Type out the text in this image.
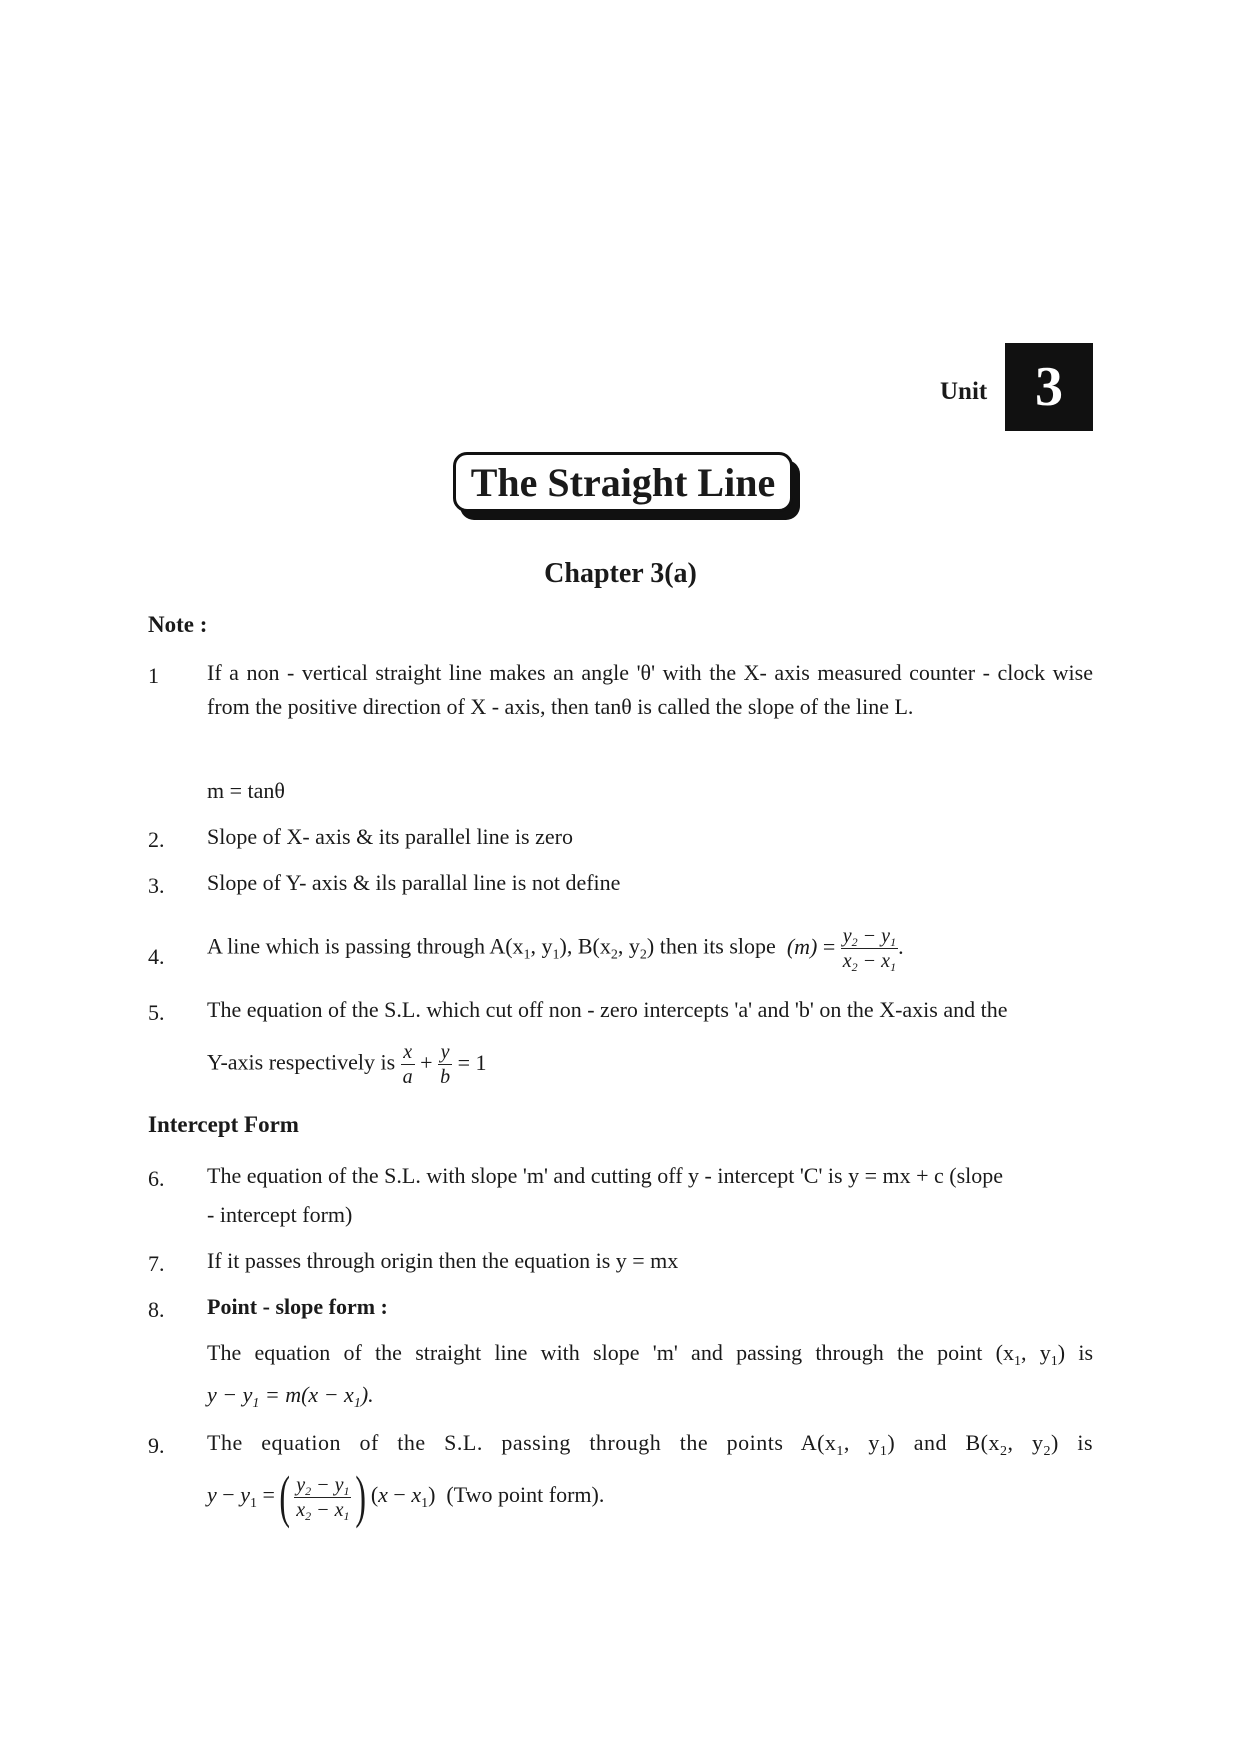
Unit 3
The Straight Line
Chapter 3(a)
Note :
1 If a non - vertical straight line makes an angle 'θ' with the X- axis measured counter - clock wise from the positive direction of X - axis, then tanθ is called the slope of the line L.
m = tanθ
2. Slope of X- axis & its parallel line is zero
3. Slope of Y- axis & ils parallal line is not define
4. A line which is passing through $A(x_1$, $y_1$), $B(x_2$, $y_2$) then its slope $(m) = \frac{y_2 - y_1}{x_2 - x_1}$ .
5. The equation of the S.L. which cut off non - zero intercepts 'a' and 'b' on the X-axis and the
Y-axis respectively is $\frac{x}{a} + \frac{y}{b} = 1$
Intercept Form
6. The equation of the S.L. with slope 'm' and cutting off y - intercept 'C' is y = mx + c (slope
- intercept form)
7. If it passes through origin then the equation is y = mx
8. Point - slope form :
The equation of the straight line with slope 'm' and passing through the point ($x_1$, $y_1$) is
$y - y_1 = m(x - x_1)$.
9. The equation of the S.L. passing through the points $A(x_1$, $y_1$) and $B(x_2$, $y_2$) is
$y - y_1$ =( $\frac{y_2 - y_1}{x_2 - x_1}$ ) $(x - x_1)$  (Two point form).
